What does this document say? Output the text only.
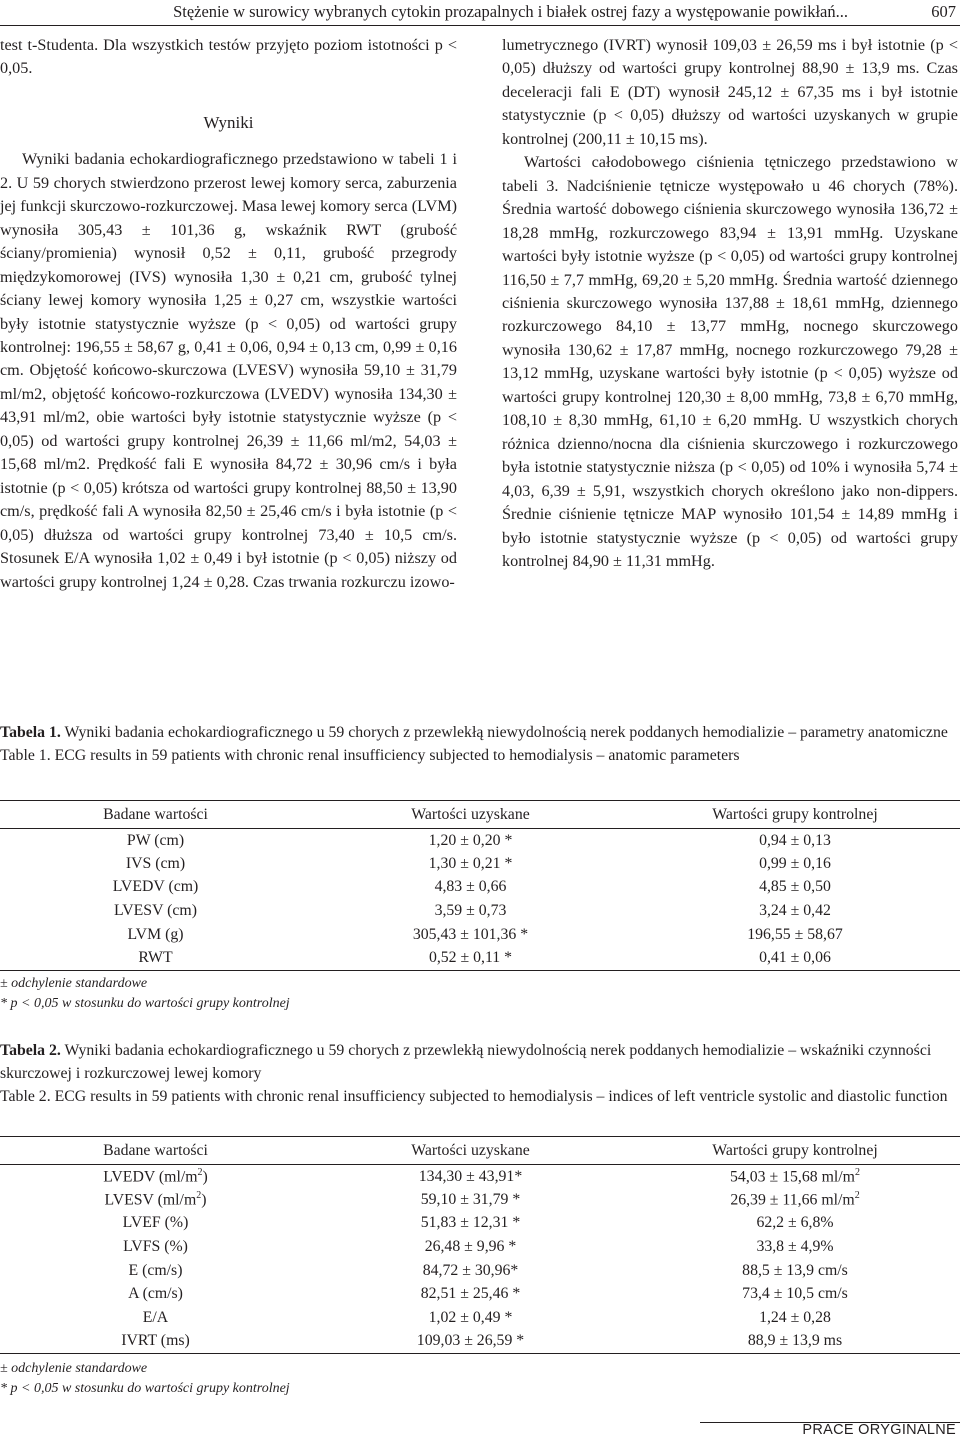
Stężenie w surowicy wybranych cytokin prozapalnych i białek ostrej fazy a występowanie powikłań...	607

test t-Studenta. Dla wszystkich testów przyjęto poziom istotności p < 0,05.

Wyniki

Wyniki badania echokardiograficznego przedstawiono w tabeli 1 i 2. U 59 chorych stwierdzono przerost lewej komory serca, zaburzenia jej funkcji skurczowo-rozkurczowej. Masa lewej komory serca (LVM) wynosiła 305,43 ± 101,36 g, wskaźnik RWT (grubość ściany/promienia) wynosił 0,52 ± 0,11, grubość przegrody międzykomorowej (IVS) wynosiła 1,30 ± 0,21 cm, grubość tylnej ściany lewej komory wynosiła 1,25 ± 0,27 cm, wszystkie wartości były istotnie statystycznie wyższe (p < 0,05) od wartości grupy kontrolnej: 196,55 ± 58,67 g, 0,41 ± 0,06, 0,94 ± 0,13 cm, 0,99 ± 0,16 cm. Objętość końcowo-skurczowa (LVESV) wynosiła 59,10 ± 31,79 ml/m2, objętość końcowo-rozkurczowa (LVEDV) wynosiła 134,30 ± 43,91 ml/m2, obie wartości były istotnie statystycznie wyższe (p < 0,05) od wartości grupy kontrolnej 26,39 ± 11,66 ml/m2, 54,03 ± 15,68 ml/m2. Prędkość fali E wynosiła 84,72 ± 30,96 cm/s i była istotnie (p < 0,05) krótsza od wartości grupy kontrolnej 88,50 ± 13,90 cm/s, prędkość fali A wynosiła 82,50 ± 25,46 cm/s i była istotnie (p < 0,05) dłuższa od wartości grupy kontrolnej 73,40 ± 10,5 cm/s. Stosunek E/A wynosiła 1,02 ± 0,49 i był istotnie (p < 0,05) niższy od wartości grupy kontrolnej 1,24 ± 0,28. Czas trwania rozkurczu izowo-

lumetrycznego (IVRT) wynosił 109,03 ± 26,59 ms i był istotnie (p < 0,05) dłuższy od wartości grupy kontrolnej 88,90 ± 13,9 ms. Czas deceleracji fali E (DT) wynosił 245,12 ± 67,35 ms i był istotnie statystycznie (p < 0,05) dłuższy od wartości uzyskanych w grupie kontrolnej (200,11 ± 10,15 ms).

Wartości całodobowego ciśnienia tętniczego przedstawiono w tabeli 3. Nadciśnienie tętnicze występowało u 46 chorych (78%). Średnia wartość dobowego ciśnienia skurczowego wynosiła 136,72 ± 18,28 mmHg, rozkurczowego 83,94 ± 13,91 mmHg. Uzyskane wartości były istotnie wyższe (p < 0,05) od wartości grupy kontrolnej 116,50 ± 7,7 mmHg, 69,20 ± 5,20 mmHg. Średnia wartość dziennego ciśnienia skurczowego wynosiła 137,88 ± 18,61 mmHg, dziennego rozkurczowego 84,10 ± 13,77 mmHg, nocnego skurczowego wynosiła 130,62 ± 17,87 mmHg, nocnego rozkurczowego 79,28 ± 13,12 mmHg, uzyskane wartości były istotnie (p < 0,05) wyższe od wartości grupy kontrolnej 120,30 ± 8,00 mmHg, 73,8 ± 6,70 mmHg, 108,10 ± 8,30 mmHg, 61,10 ± 6,20 mmHg. U wszystkich chorych różnica dzienno/nocna dla ciśnienia skurczowego i rozkurczowego była istotnie statystycznie niższa (p < 0,05) od 10% i wynosiła 5,74 ± 4,03, 6,39 ± 5,91, wszystkich chorych określono jako non-dippers. Średnie ciśnienie tętnicze MAP wynosiło 101,54 ± 14,89 mmHg i było istotnie statystycznie wyższe (p < 0,05) od wartości grupy kontrolnej 84,90 ± 11,31 mmHg.

Tabela 1. Wyniki badania echokardiograficznego u 59 chorych z przewlekłą niewydolnością nerek poddanych hemodializie – parametry anatomiczne
Table 1. ECG results in 59 patients with chronic renal insufficiency subjected to hemodialysis – anatomic parameters
Badane wartości	Wartości uzyskane	Wartości grupy kontrolnej
PW (cm)	1,20 ± 0,20 *	0,94 ± 0,13
IVS (cm)	1,30 ± 0,21 *	0,99 ± 0,16
LVEDV (cm)	4,83 ± 0,66	4,85 ± 0,50
LVESV (cm)	3,59 ± 0,73	3,24 ± 0,42
LVM (g)	305,43 ± 101,36 *	196,55 ± 58,67
RWT	0,52 ± 0,11 *	0,41 ± 0,06
± odchylenie standardowe
* p < 0,05 w stosunku do wartości grupy kontrolnej
Tabela 2. Wyniki badania echokardiograficznego u 59 chorych z przewlekłą niewydolnością nerek poddanych hemodializie – wskaźniki czynności skurczowej i rozkurczowej lewej komory
Table 2. ECG results in 59 patients with chronic renal insufficiency subjected to hemodialysis – indices of left ventricle systolic and diastolic function
Badane wartości	Wartości uzyskane	Wartości grupy kontrolnej
LVEDV $(ml/m^2)$	134,30 ± 43,91*	54,03 ± 15,68 $ml/m^2$
LVESV $(ml/m^2)$	59,10 ± 31,79 *	26,39 ± 11,66 $ml/m^2$
LVEF (%)	51,83 ± 12,31 *	62,2 ± 6,8%
LVFS (%)	26,48 ± 9,96 *	33,8 ± 4,9%
E (cm/s)	84,72 ± 30,96*	88,5 ± 13,9 cm/s
A (cm/s)	82,51 ± 25,46 *	73,4 ± 10,5 cm/s
E/A	1,02 ± 0,49 *	1,24 ± 0,28
IVRT (ms)	109,03 ± 26,59 *	88,9 ± 13,9 ms
± odchylenie standardowe
* p < 0,05 w stosunku do wartości grupy kontrolnej
PRACE ORYGINALNE
